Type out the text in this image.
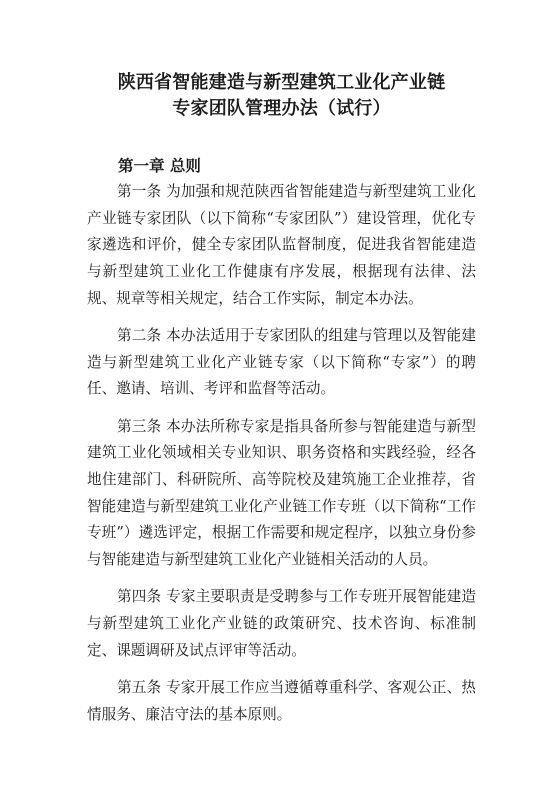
陕西省智能建造与新型建筑工业化产业链
专家团队管理办法（试行）
第一章 总则

第一条 为加强和规范陕西省智能建造与新型建筑工业化产业链专家团队（以下简称“专家团队”）建设管理，优化专家遴选和评价，健全专家团队监督制度，促进我省智能建造与新型建筑工业化工作健康有序发展，根据现有法律、法规、规章等相关规定，结合工作实际，制定本办法。

第二条 本办法适用于专家团队的组建与管理以及智能建造与新型建筑工业化产业链专家（以下简称“专家”）的聘任、邀请、培训、考评和监督等活动。

第三条 本办法所称专家是指具备所参与智能建造与新型建筑工业化领域相关专业知识、职务资格和实践经验，经各地住建部门、科研院所、高等院校及建筑施工企业推荐，省智能建造与新型建筑工业化产业链工作专班（以下简称“工作专班”）遴选评定，根据工作需要和规定程序，以独立身份参与智能建造与新型建筑工业化产业链相关活动的人员。

第四条 专家主要职责是受聘参与工作专班开展智能建造与新型建筑工业化产业链的政策研究、技术咨询、标准制定、课题调研及试点评审等活动。

第五条 专家开展工作应当遵循尊重科学、客观公正、热情服务、廉洁守法的基本原则。
